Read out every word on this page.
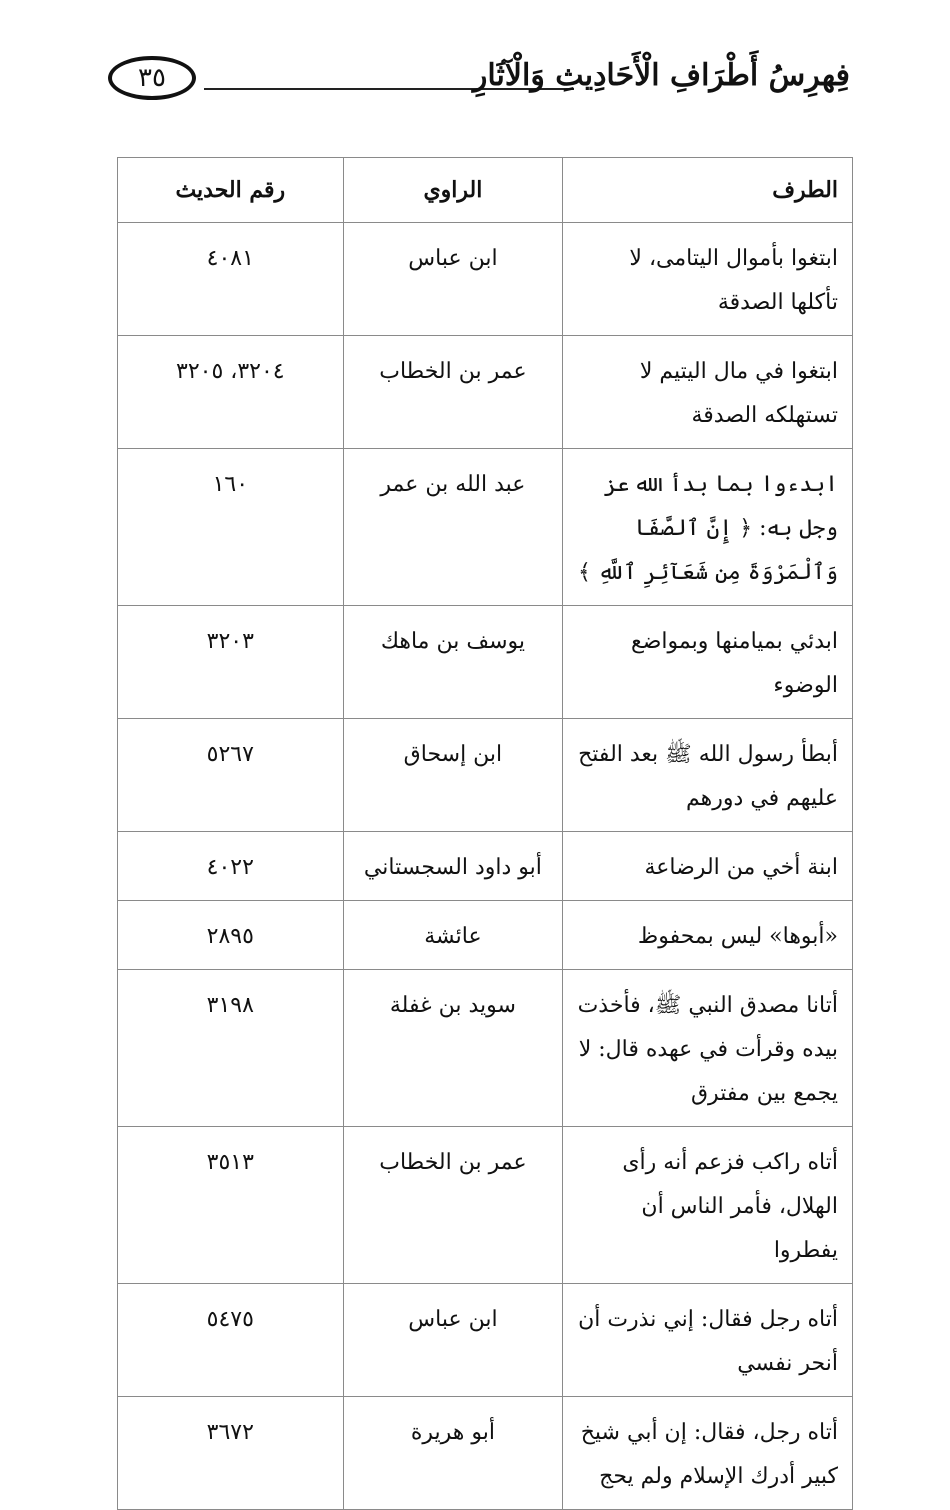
٣٥	فِهرِسُ أَطْرَافِ الْأَحَادِيثِ وَالْآثَارِ
الطرف	الراوي	رقم الحديث
ابتغوا بأموال اليتامى، لا تأكلها الصدقة	ابن عباس	٤٠٨١
ابتغوا في مال اليتيم لا تستهلكه الصدقة	عمر بن الخطاب	٣٢٠٤، ٣٢٠٥
ابدءوا بما بدأ الله عز وجل به: ﴿ إِنَّ ٱلصَّفَا وَٱلْمَرْوَةَ مِن شَعَآئِرِ ٱللَّهِ ﴾	عبد الله بن عمر	١٦٠
ابدئي بميامنها وبمواضع الوضوء	يوسف بن ماهك	٣٢٠٣
أبطأ رسول الله ﷺ بعد الفتح عليهم في دورهم	ابن إسحاق	٥٢٦٧
ابنة أخي من الرضاعة	أبو داود السجستاني	٤٠٢٢
«أبوها» ليس بمحفوظ	عائشة	٢٨٩٥
أتانا مصدق النبي ﷺ، فأخذت بيده وقرأت في عهده قال: لا يجمع بين مفترق	سويد بن غفلة	٣١٩٨
أتاه راكب فزعم أنه رأى الهلال، فأمر الناس أن يفطروا	عمر بن الخطاب	٣٥١٣
أتاه رجل فقال: إني نذرت أن أنحر نفسي	ابن عباس	٥٤٧٥
أتاه رجل، فقال: إن أبي شيخ كبير أدرك الإسلام ولم يحج	أبو هريرة	٣٦٧٢
